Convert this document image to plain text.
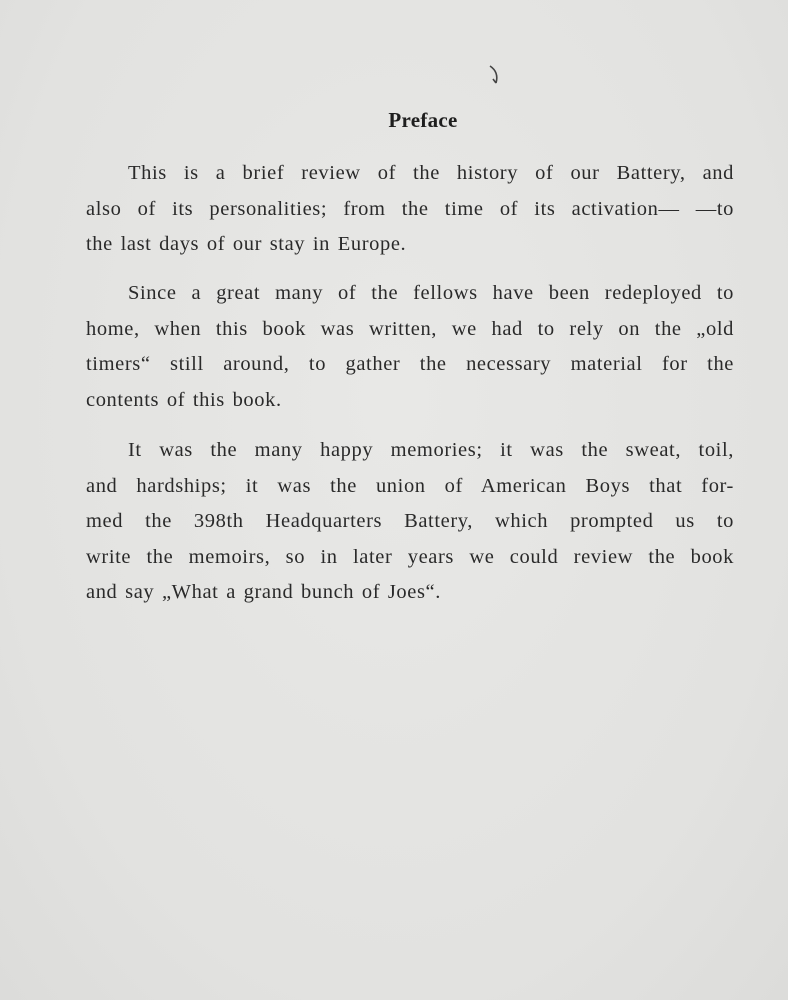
Preface
This is a brief review of the history of our Battery, and
also of its personalities; from the time of its activation— —to
the last days of our stay in Europe.
Since a great many of the fellows have been redeployed to
home, when this book was written, we had to rely on the „old
timers“ still around, to gather the necessary material for the
contents of this book.
It was the many happy memories; it was the sweat, toil,
and hardships; it was the union of American Boys that for-
med the 398th Headquarters Battery, which prompted us to
write the memoirs, so in later years we could review the book
and say „What a grand bunch of Joes“.
